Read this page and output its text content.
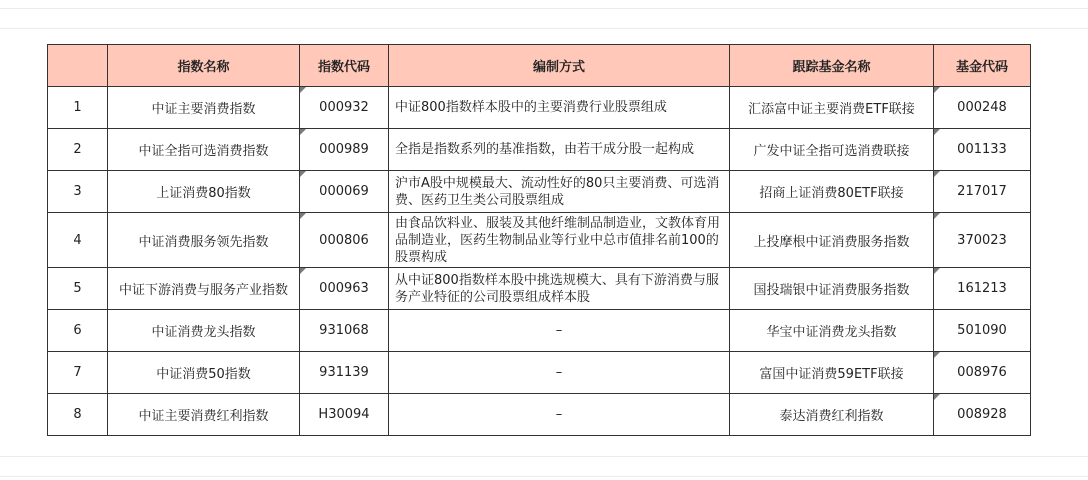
	指数名称	指数代码	编制方式	跟踪基金名称	基金代码
1	中证主要消费指数	000932	中证800指数样本股中的主要消费行业股票组成	汇添富中证主要消费ETF联接	000248
2	中证全指可选消费指数	000989	全指是指数系列的基准指数，由若干成分股一起构成	广发中证全指可选消费联接	001133
3	上证消费80指数	000069	沪市A股中规模最大、流动性好的80只主要消费、可选消费、医药卫生类公司股票组成	招商上证消费80ETF联接	217017
4	中证消费服务领先指数	000806	由食品饮料业、服装及其他纤维制品制造业，文教体育用品制造业，医药生物制品业等行业中总市值排名前100的股票构成	上投摩根中证消费服务指数	370023
5	中证下游消费与服务产业指数	000963	从中证800指数样本股中挑选规模大、具有下游消费与服务产业特征的公司股票组成样本股	国投瑞银中证消费服务指数	161213
6	中证消费龙头指数	931068	–	华宝中证消费龙头指数	501090
7	中证消费50指数	931139	–	富国中证消费59ETF联接	008976
8	中证主要消费红利指数	H30094	–	泰达消费红利指数	008928
